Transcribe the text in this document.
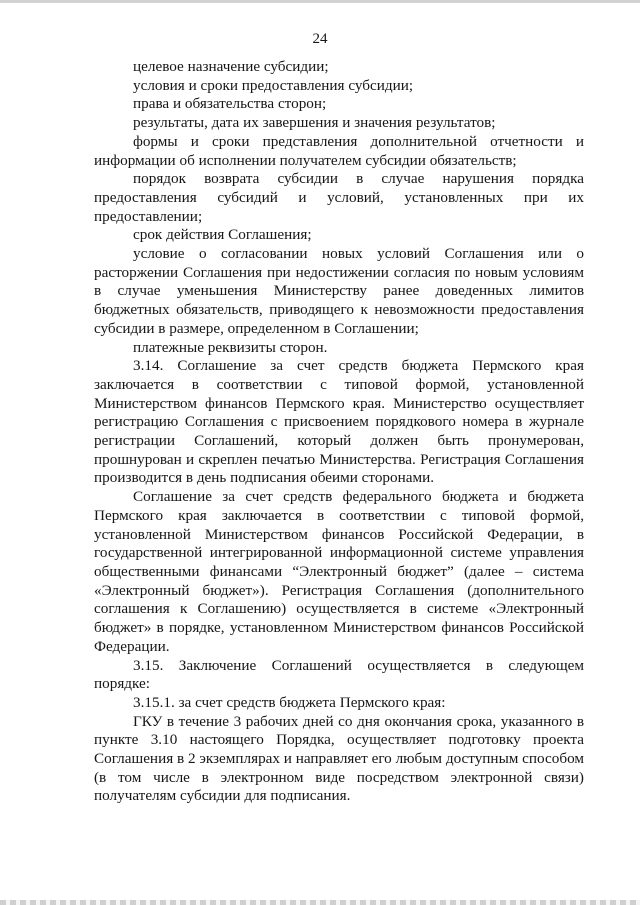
24

целевое назначение субсидии;

условия и сроки предоставления субсидии;

права и обязательства сторон;

результаты, дата их завершения и значения результатов;

формы и сроки представления дополнительной отчетности и информации об исполнении получателем субсидии обязательств;

порядок возврата субсидии в случае нарушения порядка предоставления субсидий и условий, установленных при их предоставлении;

срок действия Соглашения;

условие о согласовании новых условий Соглашения или о расторжении Соглашения при недостижении согласия по новым условиям в случае уменьшения Министерству ранее доведенных лимитов бюджетных обязательств, приводящего к невозможности предоставления субсидии в размере, определенном в Соглашении;

платежные реквизиты сторон.

3.14. Соглашение за счет средств бюджета Пермского края заключается в соответствии с типовой формой, установленной Министерством финансов Пермского края. Министерство осуществляет регистрацию Соглашения с присвоением порядкового номера в журнале регистрации Соглашений, который должен быть пронумерован, прошнурован и скреплен печатью Министерства. Регистрация Соглашения производится в день подписания обеими сторонами.

Соглашение за счет средств федерального бюджета и бюджета Пермского края заключается в соответствии с типовой формой, установленной Министерством финансов Российской Федерации, в государственной интегрированной информационной системе управления общественными финансами “Электронный бюджет” (далее – система «Электронный бюджет»). Регистрация Соглашения (дополнительного соглашения к Соглашению) осуществляется в системе «Электронный бюджет» в порядке, установленном Министерством финансов Российской Федерации.

3.15. Заключение Соглашений осуществляется в следующем порядке:

3.15.1. за счет средств бюджета Пермского края:

ГКУ в течение 3 рабочих дней со дня окончания срока, указанного в пункте 3.10 настоящего Порядка, осуществляет подготовку проекта Соглашения в 2 экземплярах и направляет его любым доступным способом (в том числе в электронном виде посредством электронной связи) получателям субсидии для подписания.
